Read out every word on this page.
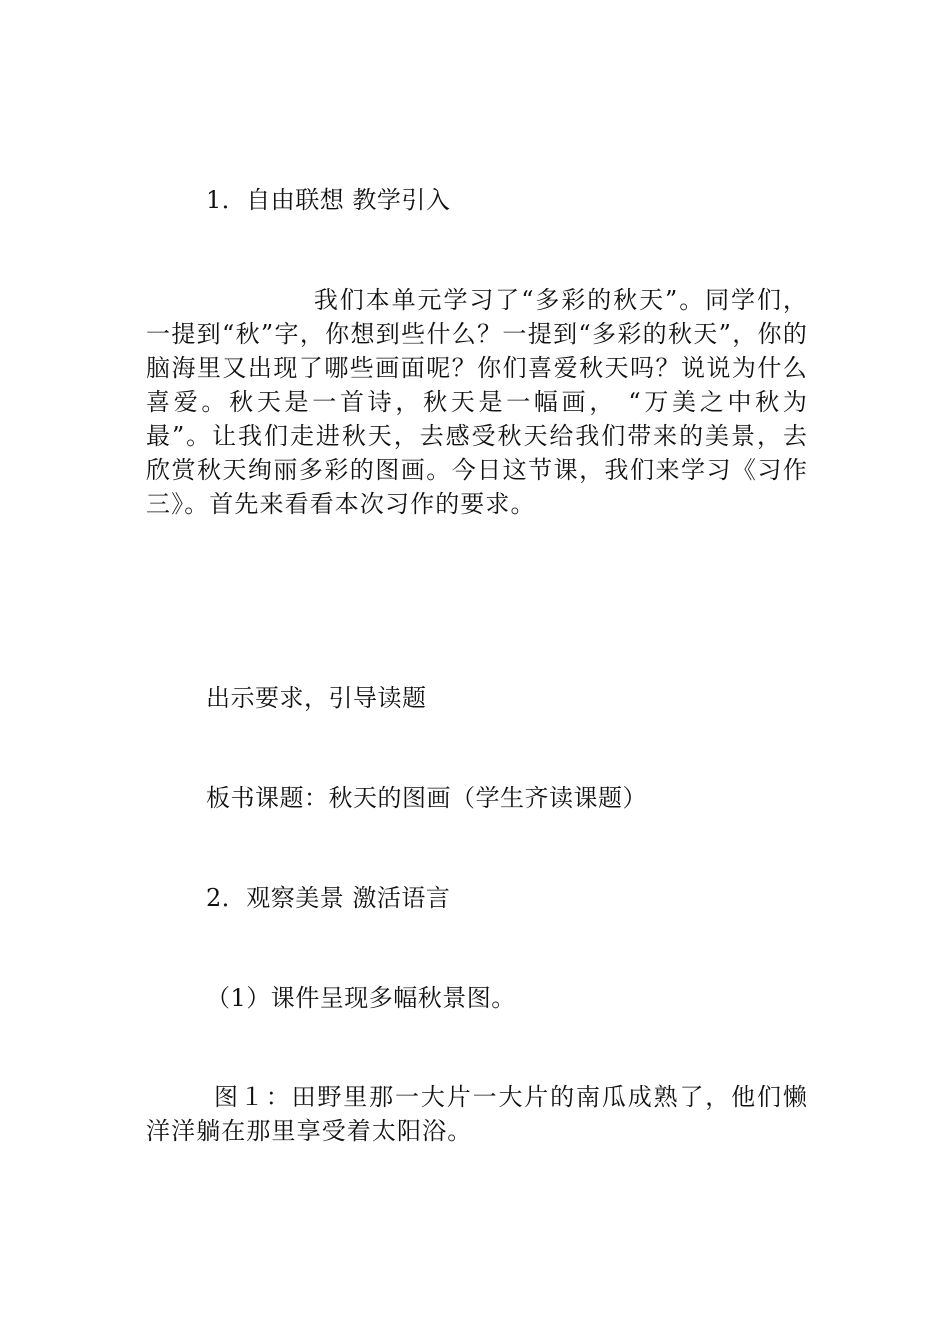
1．自由联想 教学引入
　　我们本单元学习了“多彩的秋天”。同学们，一提到“秋”字，你想到些什么？一提到“多彩的秋天”，你的脑海里又出现了哪些画面呢？你们喜爱秋天吗？说说为什么喜爱。秋天是一首诗，秋天是一幅画， “万美之中秋为最”。让我们走进秋天，去感受秋天给我们带来的美景，去欣赏秋天绚丽多彩的图画。今日这节课，我们来学习《习作三》。首先来看看本次习作的要求。
出示要求，引导读题
板书课题：秋天的图画（学生齐读课题）
2．观察美景 激活语言
（1）课件呈现多幅秋景图。
图１：田野里那一大片一大片的南瓜成熟了，他们懒洋洋躺在那里享受着太阳浴。
